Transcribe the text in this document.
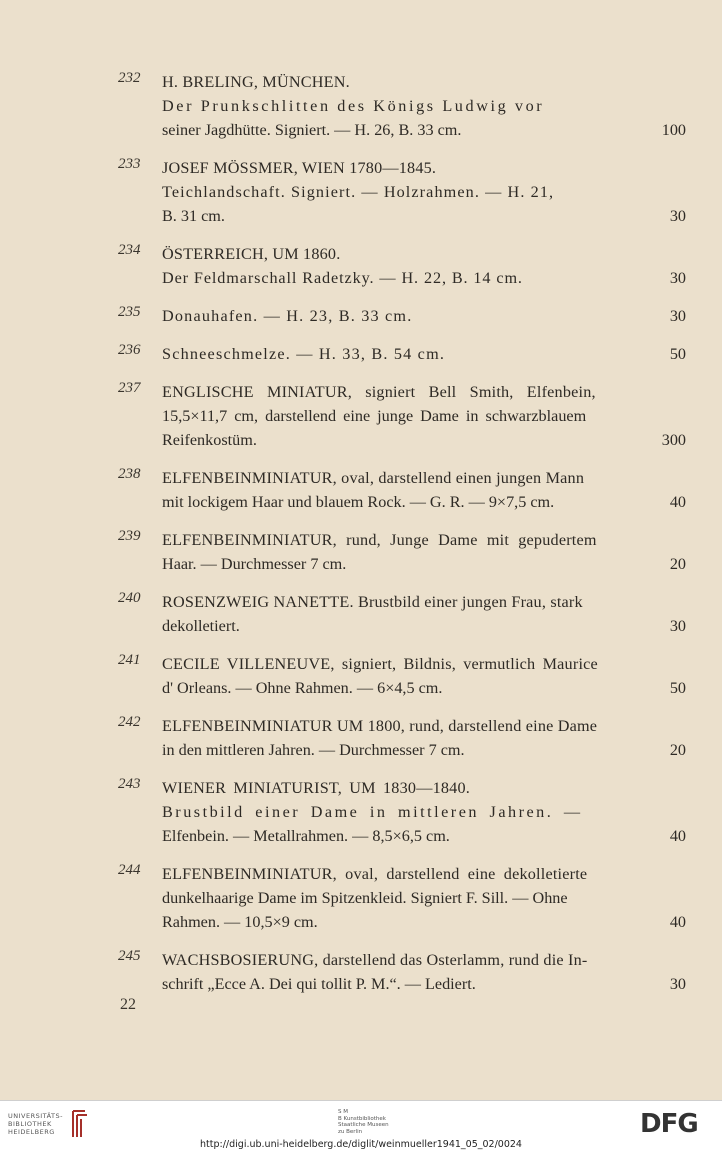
232	H. BRELING, MÜNCHEN.
Der Prunkschlitten des Königs Ludwig vor
seiner Jagdhütte. Signiert. — H. 26, B. 33 cm.	100
233	JOSEF MÖSSMER, WIEN 1780—1845.
Teichlandschaft. Signiert. — Holzrahmen. — H. 21,
B. 31 cm.	30
234	ÖSTERREICH, UM 1860.
Der Feldmarschall Radetzky. — H. 22, B. 14 cm.	30
235	Donauhafen. — H. 23, B. 33 cm.	30
236	Schneeschmelze. — H. 33, B. 54 cm.	50
237	ENGLISCHE MINIATUR, signiert Bell Smith, Elfenbein,
15,5×11,7 cm, darstellend eine junge Dame in schwarzblauem
Reifenkostüm.	300
238	ELFENBEINMINIATUR, oval, darstellend einen jungen Mann
mit lockigem Haar und blauem Rock. — G. R. — 9×7,5 cm.	40
239	ELFENBEINMINIATUR, rund, Junge Dame mit gepudertem
Haar. — Durchmesser 7 cm.	20
240	ROSENZWEIG NANETTE. Brustbild einer jungen Frau, stark
dekolletiert.	30
241	CECILE VILLENEUVE, signiert, Bildnis, vermutlich Maurice
d' Orleans. — Ohne Rahmen. — 6×4,5 cm.	50
242	ELFENBEINMINIATUR UM 1800, rund, darstellend eine Dame
in den mittleren Jahren. — Durchmesser 7 cm.	20
243	WIENER MINIATURIST, UM 1830—1840.
Brustbild einer Dame in mittleren Jahren. —
Elfenbein. — Metallrahmen. — 8,5×6,5 cm.	40
244	ELFENBEINMINIATUR, oval, darstellend eine dekolletierte
dunkelhaarige Dame im Spitzenkleid. Signiert F. Sill. — Ohne
Rahmen. — 10,5×9 cm.	40
245	WACHSBOSIERUNG, darstellend das Osterlamm, rund die In-
schrift „Ecce A. Dei qui tollit P. M.“. — Lediert.	30
22
UNIVERSITÄTS-
BIBLIOTHEK
HEIDELBERG
S M
B Kunstbibliothek
Staatliche Museen
zu Berlin	DFG
http://digi.ub.uni-heidelberg.de/diglit/weinmueller1941_05_02/0024
